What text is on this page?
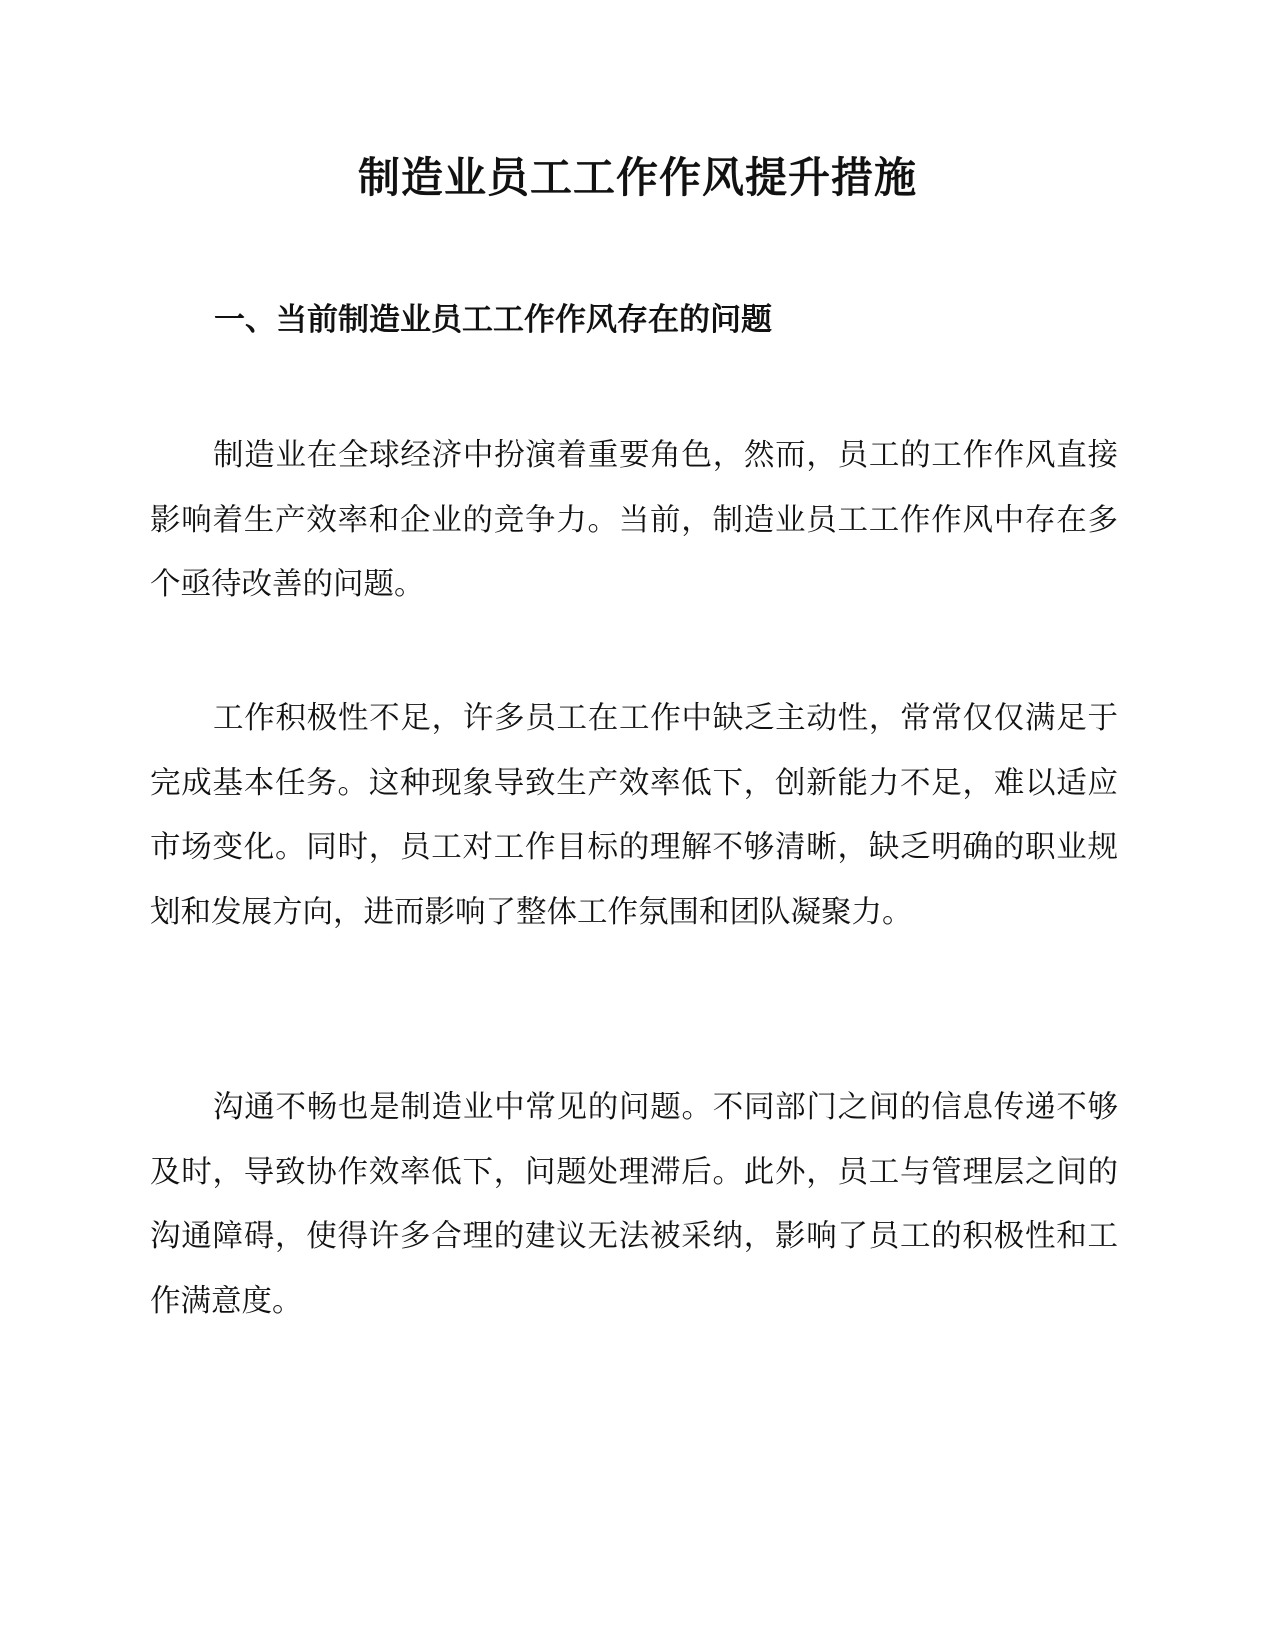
制造业员工工作作风提升措施
一、当前制造业员工工作作风存在的问题

制造业在全球经济中扮演着重要角色，然而，员工的工作作风直接影响着生产效率和企业的竞争力。当前，制造业员工工作作风中存在多个亟待改善的问题。

工作积极性不足，许多员工在工作中缺乏主动性，常常仅仅满足于完成基本任务。这种现象导致生产效率低下，创新能力不足，难以适应市场变化。同时，员工对工作目标的理解不够清晰，缺乏明确的职业规划和发展方向，进而影响了整体工作氛围和团队凝聚力。

沟通不畅也是制造业中常见的问题。不同部门之间的信息传递不够及时，导致协作效率低下，问题处理滞后。此外，员工与管理层之间的沟通障碍，使得许多合理的建议无法被采纳，影响了员工的积极性和工作满意度。
